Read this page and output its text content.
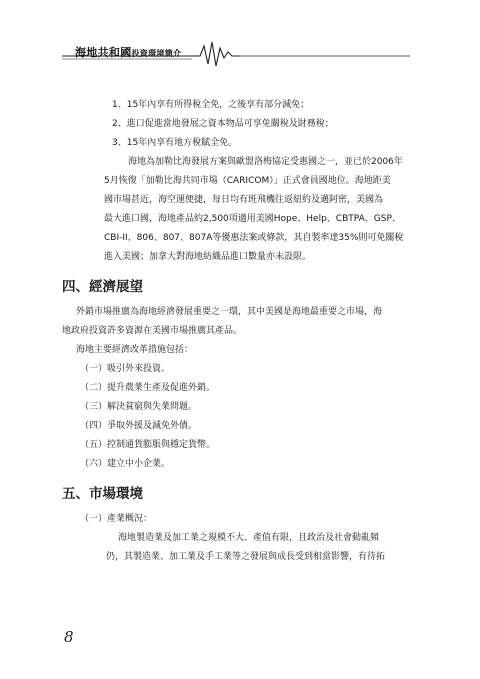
海地共和國投資環境簡介

1、15年內享有所得稅全免，之後享有部分減免；

2、進口促進當地發展之資本物品可享免關稅及財務稅；

3、15年內享有地方稅賦全免。

海地為加勒比海發展方案與歐盟洛梅協定受惠國之一，並已於2006年

5月恢復「加勒比海共同市場（CARICOM）」正式會員國地位。海地距美

國市場甚近，海空運便捷，每日均有班飛機往返紐約及邁阿密，美國為

最大進口國，海地產品約2,500項適用美國Hope、Help、CBTPA、GSP、

CBI-II、806、807、807A等優惠法案或條款，其自製率達35%則可免關稅

進入美國；加拿大對海地紡織品進口數量亦未設限。

四、經濟展望

外銷市場推廣為海地經濟發展重要之一環，其中美國是海地最重要之市場，海

地政府投資許多資源在美國市場推廣其產品。

海地主要經濟改革措施包括：

（一）吸引外來投資。

（二）提升農業生產及促進外銷。

（三）解決貧窮與失業問題。

（四）爭取外援及減免外債。

（五）控制通貨膨脹與穩定貨幣。

（六）建立中小企業。

五、市場環境

（一）產業概況：

海地製造業及加工業之規模不大、產值有限，且政治及社會動亂頻

仍，其製造業、加工業及手工業等之發展與成長受到相當影響，有待拓

8
